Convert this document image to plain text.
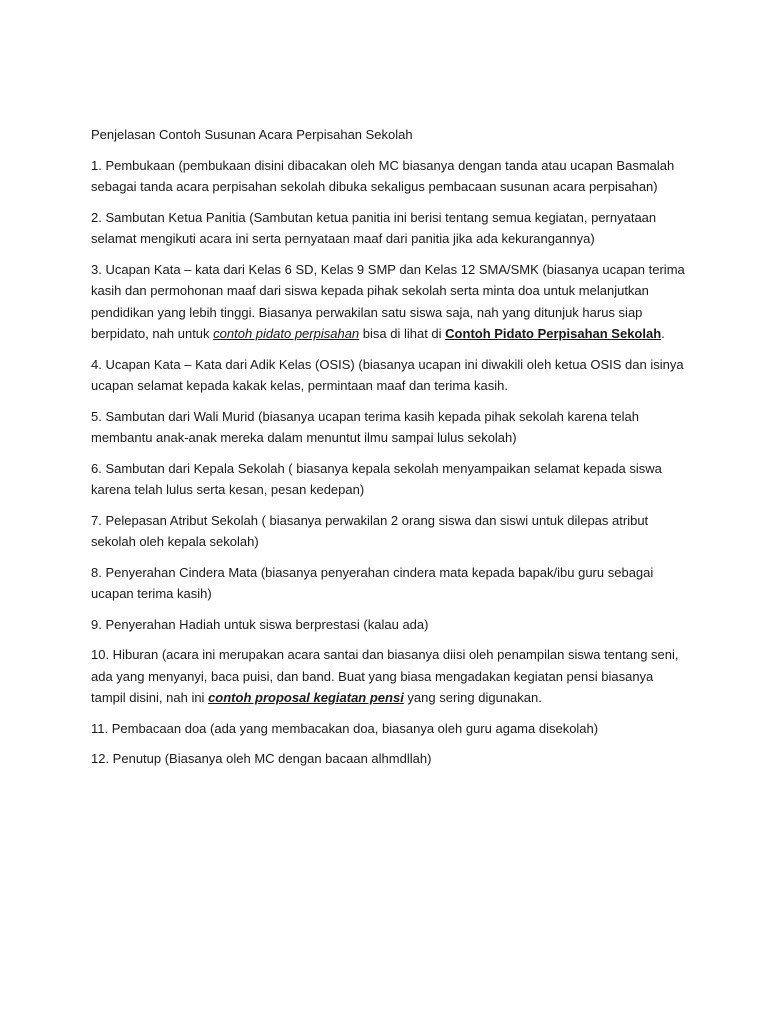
Penjelasan Contoh Susunan Acara Perpisahan Sekolah

1. Pembukaan (pembukaan disini dibacakan oleh MC biasanya dengan tanda atau ucapan Basmalah sebagai tanda acara perpisahan sekolah dibuka sekaligus pembacaan susunan acara perpisahan)

2. Sambutan Ketua Panitia (Sambutan ketua panitia ini berisi tentang semua kegiatan, pernyataan selamat mengikuti acara ini serta pernyataan maaf dari panitia jika ada kekurangannya)

3. Ucapan Kata – kata dari Kelas 6 SD, Kelas 9 SMP dan Kelas 12 SMA/SMK (biasanya ucapan terima kasih dan permohonan maaf dari siswa kepada pihak sekolah serta minta doa untuk melanjutkan pendidikan yang lebih tinggi. Biasanya perwakilan satu siswa saja, nah yang ditunjuk harus siap berpidato, nah untuk contoh pidato perpisahan bisa di lihat di Contoh Pidato Perpisahan Sekolah.

4. Ucapan Kata – Kata dari Adik Kelas (OSIS) (biasanya ucapan ini diwakili oleh ketua OSIS dan isinya ucapan selamat kepada kakak kelas, permintaan maaf dan terima kasih.

5. Sambutan dari Wali Murid (biasanya ucapan terima kasih kepada pihak sekolah karena telah membantu anak-anak mereka dalam menuntut ilmu sampai lulus sekolah)

6. Sambutan dari Kepala Sekolah ( biasanya kepala sekolah menyampaikan selamat kepada siswa karena telah lulus serta kesan, pesan kedepan)

7. Pelepasan Atribut Sekolah ( biasanya perwakilan 2 orang siswa dan siswi untuk dilepas atribut sekolah oleh kepala sekolah)

8. Penyerahan Cindera Mata (biasanya penyerahan cindera mata kepada bapak/ibu guru sebagai ucapan terima kasih)

9. Penyerahan Hadiah untuk siswa berprestasi (kalau ada)

10. Hiburan (acara ini merupakan acara santai dan biasanya diisi oleh penampilan siswa tentang seni, ada yang menyanyi, baca puisi, dan band. Buat yang biasa mengadakan kegiatan pensi biasanya tampil disini, nah ini contoh proposal kegiatan pensi yang sering digunakan.

11. Pembacaan doa (ada yang membacakan doa, biasanya oleh guru agama disekolah)

12. Penutup (Biasanya oleh MC dengan bacaan alhmdllah)
